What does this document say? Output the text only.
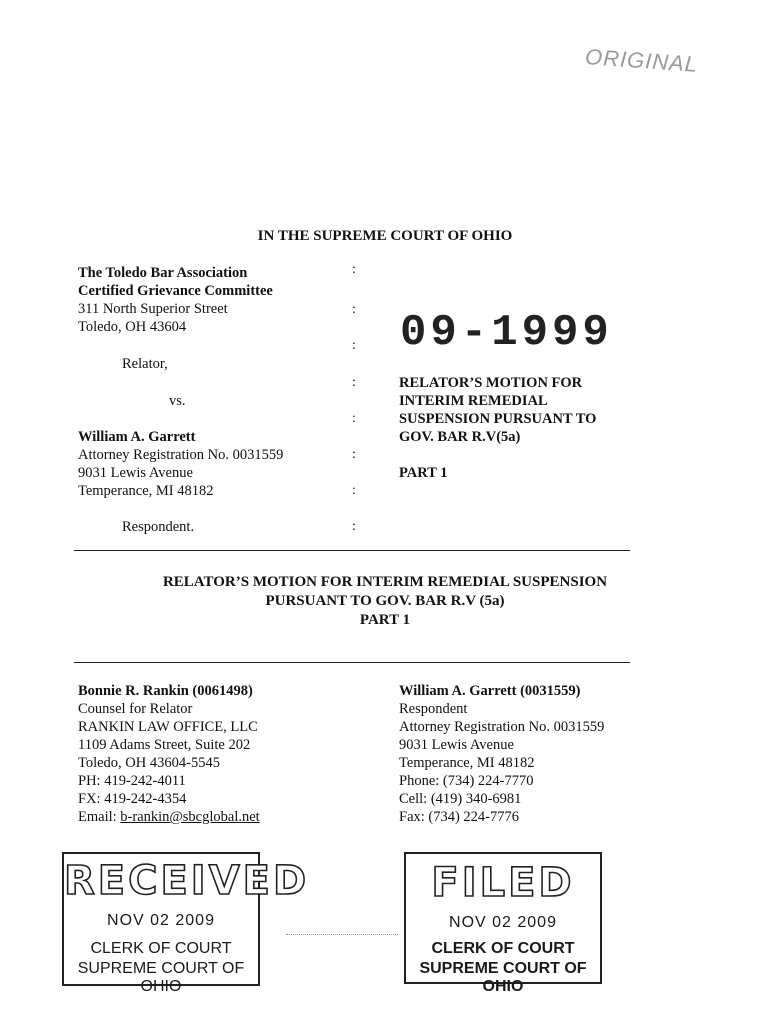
ORIGINAL
IN THE SUPREME COURT OF OHIO
The Toledo Bar Association
Certified Grievance Committee
311 North Superior Street
Toledo, OH 43604
Relator,
vs.
William A. Garrett
Attorney Registration No. 0031559
9031 Lewis Avenue
Temperance, MI 48182
Respondent.
:
:
:
:
:
:
:
:
09-1999
RELATOR’S MOTION FOR
INTERIM REMEDIAL
SUSPENSION PURSUANT TO
GOV. BAR R.V(5a)
PART 1
RELATOR’S MOTION FOR INTERIM REMEDIAL SUSPENSION
PURSUANT TO GOV. BAR R.V (5a)
PART 1
Bonnie R. Rankin (0061498)
Counsel for Relator
RANKIN LAW OFFICE, LLC
1109 Adams Street, Suite 202
Toledo, OH 43604-5545
PH: 419-242-4011
FX: 419-242-4354
Email: b-rankin@sbcglobal.net
William A. Garrett (0031559)
Respondent
Attorney Registration No. 0031559
9031 Lewis Avenue
Temperance, MI 48182
Phone: (734) 224-7770
Cell: (419) 340-6981
Fax: (734) 224-7776
RECEIVED
NOV 02 2009
CLERK OF COURT
SUPREME COURT OF OHIO
FILED
NOV 02 2009
CLERK OF COURT
SUPREME COURT OF OHIO
